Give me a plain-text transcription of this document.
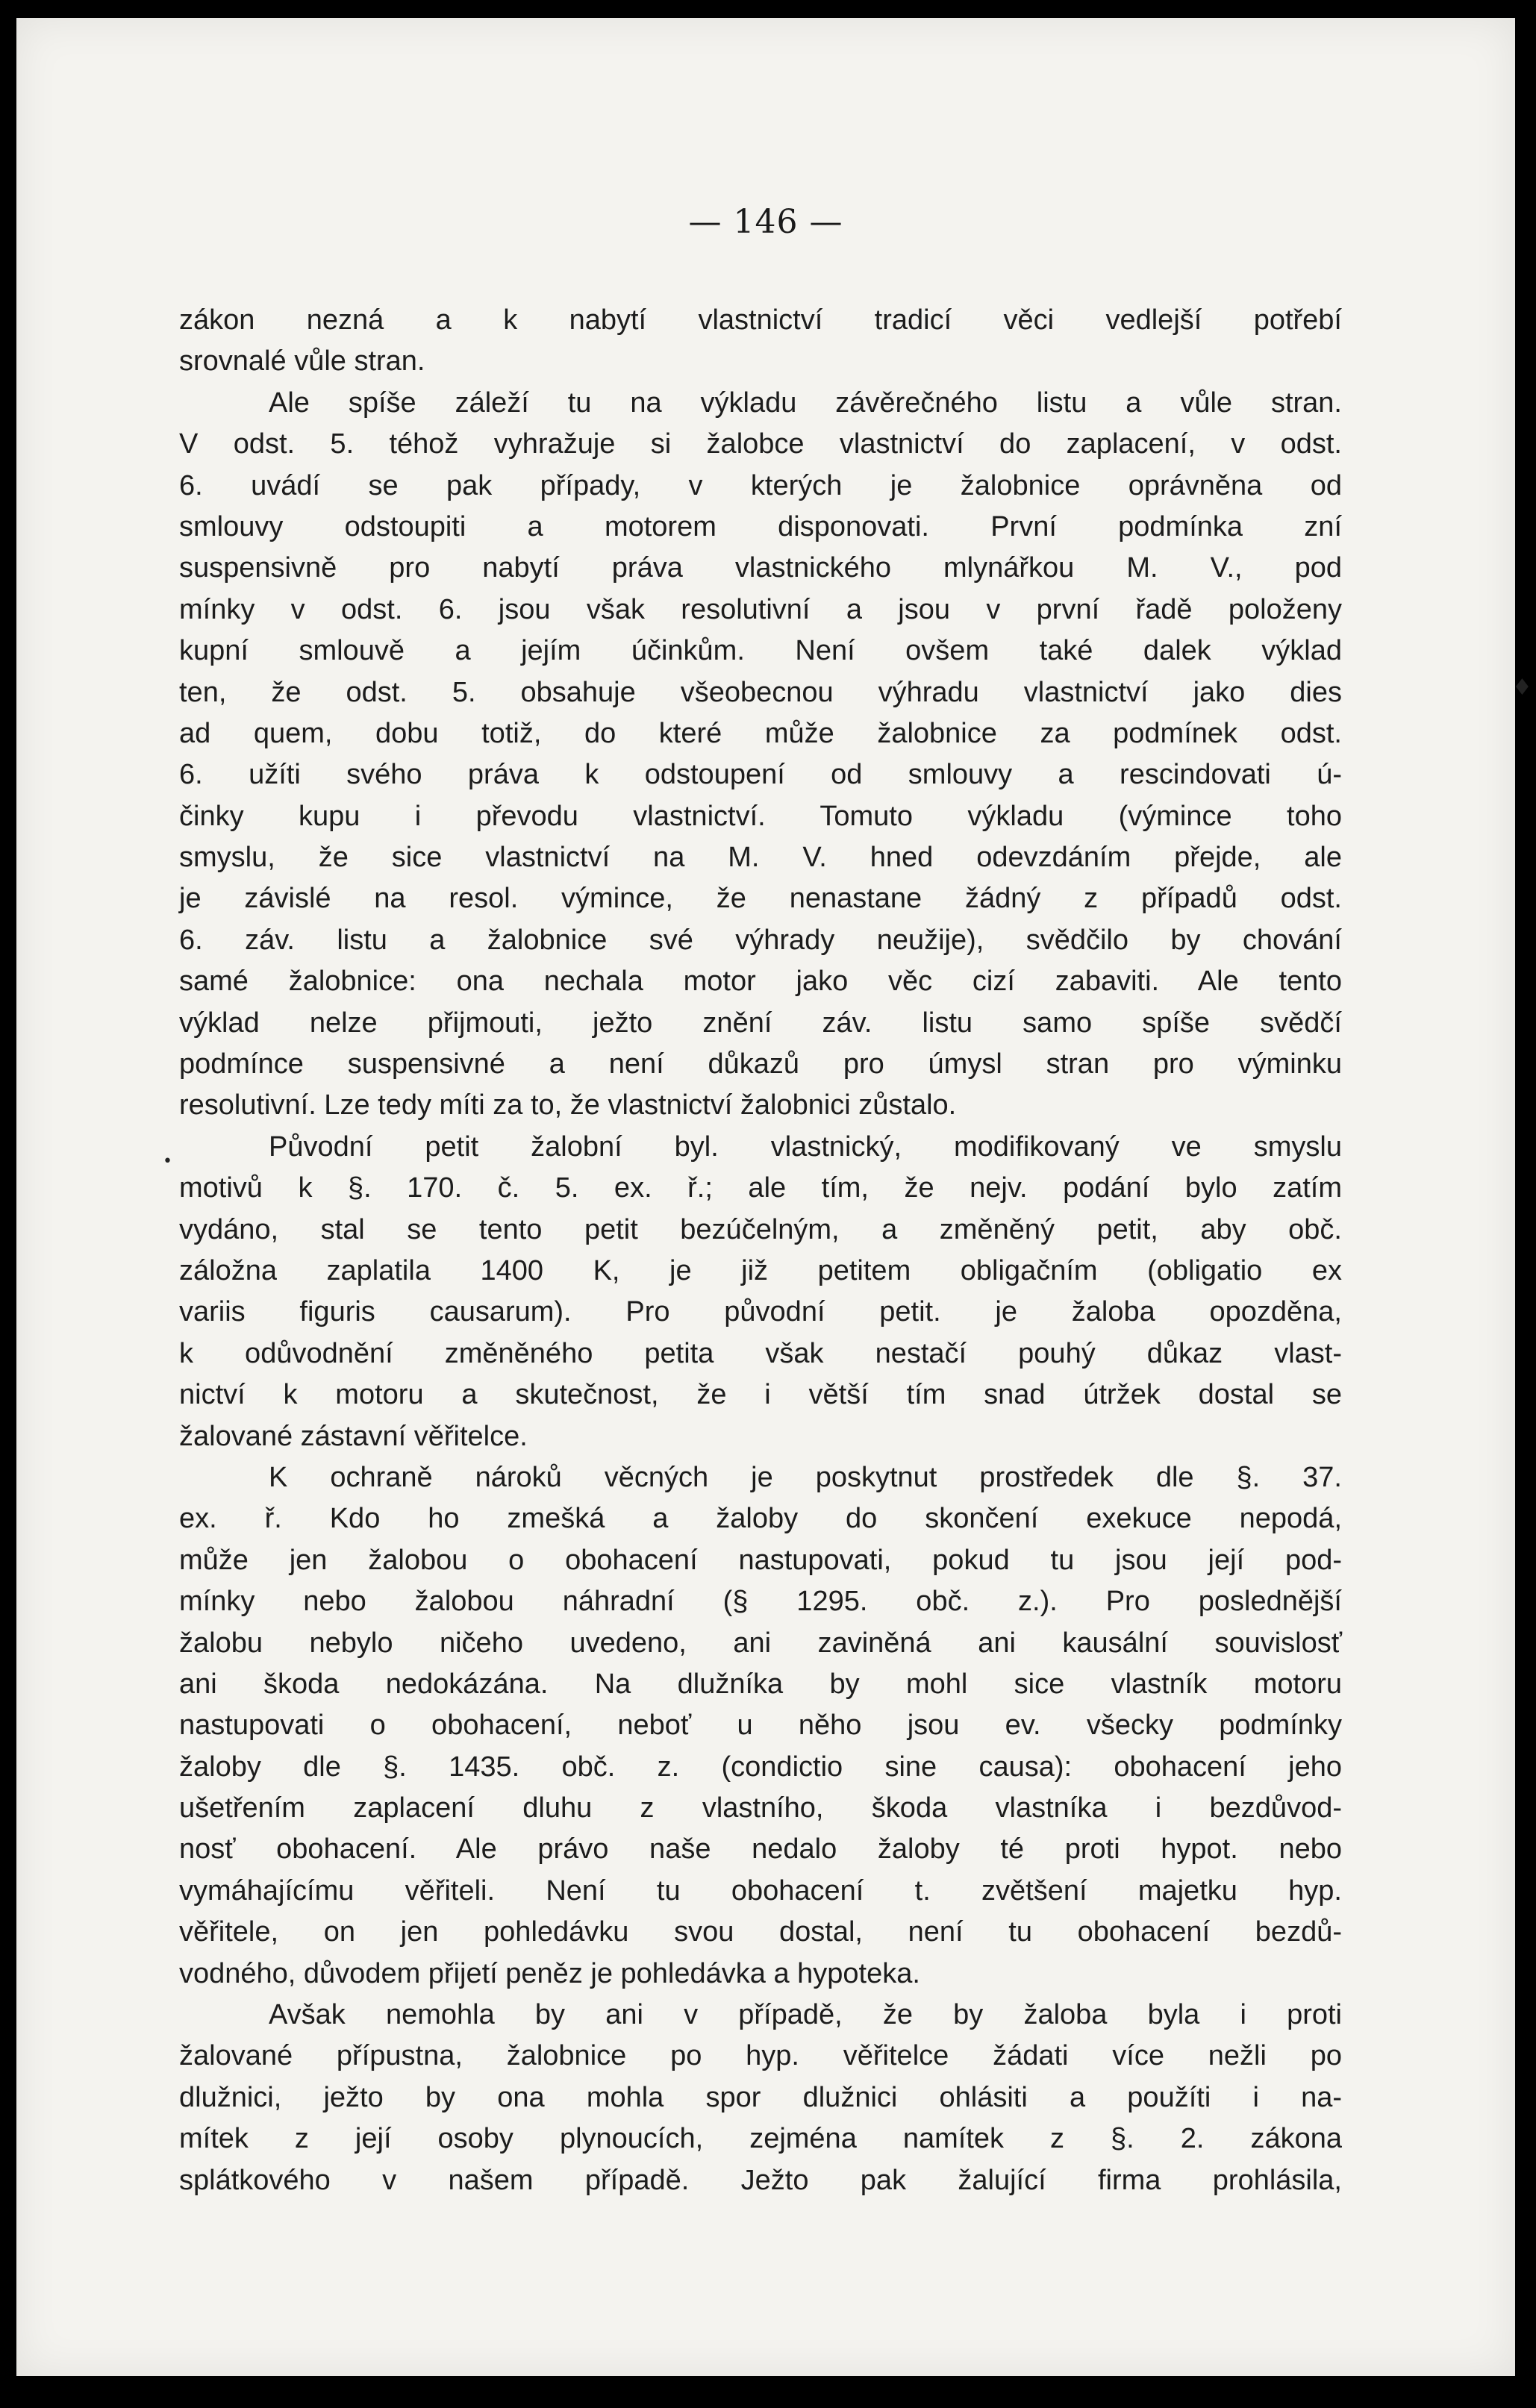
— 146 —
zákon nezná a k nabytí vlastnictví tradicí věci vedlejší potřebí
srovnalé vůle stran.
Ale spíše záleží tu na výkladu závěrečného listu a vůle stran.
V odst. 5. téhož vyhražuje si žalobce vlastnictví do zaplacení, v odst.
6. uvádí se pak případy, v kterých je žalobnice oprávněna od
smlouvy odstoupiti a motorem disponovati. První podmínka zní
suspensivně pro nabytí práva vlastnického mlynářkou M. V., pod
mínky v odst. 6. jsou však resolutivní a jsou v první řadě položeny
kupní smlouvě a jejím účinkům. Není ovšem také dalek výklad
ten, že odst. 5. obsahuje všeobecnou výhradu vlastnictví jako dies
ad quem, dobu totiž, do které může žalobnice za podmínek odst.
6. užíti svého práva k odstoupení od smlouvy a rescindovati ú-
činky kupu i převodu vlastnictví. Tomuto výkladu (výmince toho
smyslu, že sice vlastnictví na M. V. hned odevzdáním přejde, ale
je závislé na resol. výmince, že nenastane žádný z případů odst.
6. záv. listu a žalobnice své výhrady neužije), svědčilo by chování
samé žalobnice: ona nechala motor jako věc cizí zabaviti. Ale tento
výklad nelze přijmouti, ježto znění záv. listu samo spíše svědčí
podmínce suspensivné a není důkazů pro úmysl stran pro výminku
resolutivní. Lze tedy míti za to, že vlastnictví žalobnici zůstalo.
Původní petit žalobní byl. vlastnický, modifikovaný ve smyslu
motivů k §. 170. č. 5. ex. ř.; ale tím, že nejv. podání bylo zatím
vydáno, stal se tento petit bezúčelným, a změněný petit, aby obč.
záložna zaplatila 1400 K, je již petitem obligačním (obligatio ex
variis figuris causarum). Pro původní petit. je žaloba opozděna,
k odůvodnění změněného petita však nestačí pouhý důkaz vlast-
nictví k motoru a skutečnost, že i větší tím snad útržek dostal se
žalované zástavní věřitelce.
K ochraně nároků věcných je poskytnut prostředek dle §. 37.
ex. ř. Kdo ho zmešká a žaloby do skončení exekuce nepodá,
může jen žalobou o obohacení nastupovati, pokud tu jsou její pod-
mínky nebo žalobou náhradní (§ 1295. obč. z.). Pro poslednější
žalobu nebylo ničeho uvedeno, ani zaviněná ani kausální souvislosť
ani škoda nedokázána. Na dlužníka by mohl sice vlastník motoru
nastupovati o obohacení, neboť u něho jsou ev. všecky podmínky
žaloby dle §. 1435. obč. z. (condictio sine causa): obohacení jeho
ušetřením zaplacení dluhu z vlastního, škoda vlastníka i bezdůvod-
nosť obohacení. Ale právo naše nedalo žaloby té proti hypot. nebo
vymáhajícímu věřiteli. Není tu obohacení t. zvětšení majetku hyp.
věřitele, on jen pohledávku svou dostal, není tu obohacení bezdů-
vodného, důvodem přijetí peněz je pohledávka a hypoteka.
Avšak nemohla by ani v případě, že by žaloba byla i proti
žalované přípustna, žalobnice po hyp. věřitelce žádati více nežli po
dlužnici, ježto by ona mohla spor dlužnici ohlásiti a použíti i na-
mítek z její osoby plynoucích, zejména namítek z §. 2. zákona
splátkového v našem případě. Ježto pak žalující firma prohlásila,
♦
•
